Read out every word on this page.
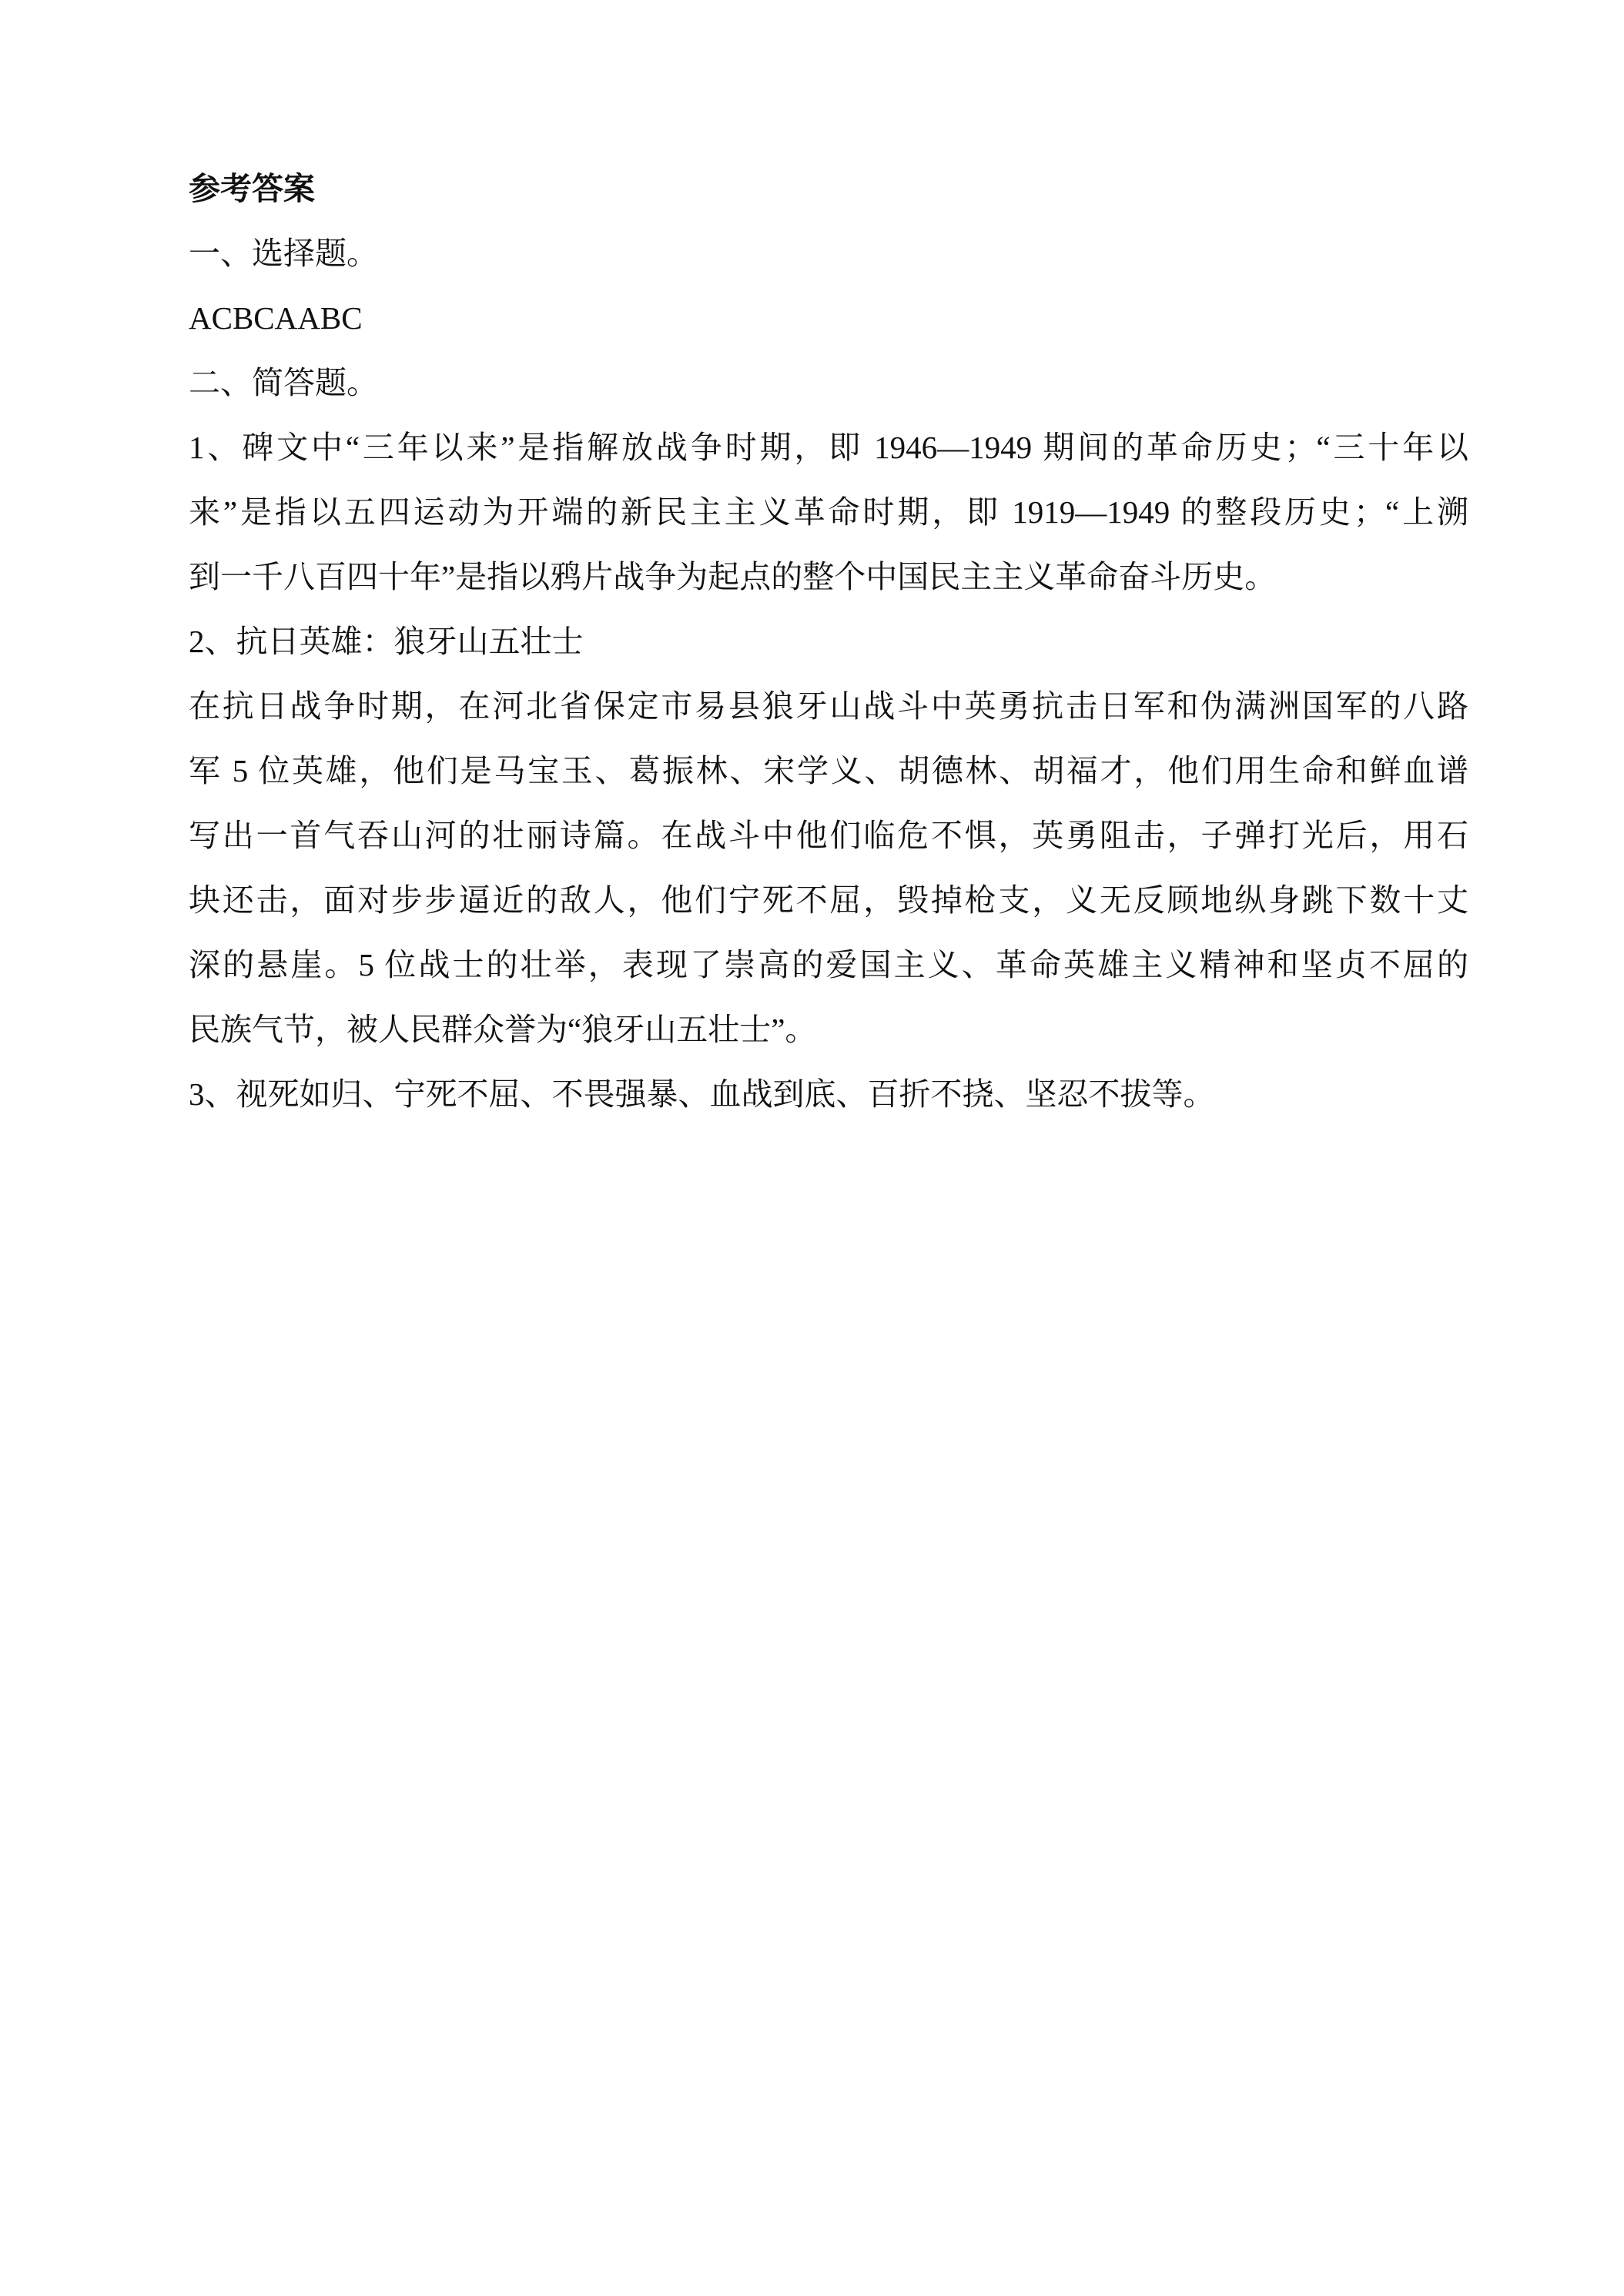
参考答案
一、选择题。
ACBCAABC
二、简答题。
1、碑文中“三年以来”是指解放战争时期，即 1946—1949 期间的革命历史；“三十年以
来”是指以五四运动为开端的新民主主义革命时期，即 1919—1949 的整段历史；“上溯
到一千八百四十年”是指以鸦片战争为起点的整个中国民主主义革命奋斗历史。
2、抗日英雄：狼牙山五壮士
在抗日战争时期，在河北省保定市易县狼牙山战斗中英勇抗击日军和伪满洲国军的八路
军 5 位英雄，他们是马宝玉、葛振林、宋学义、胡德林、胡福才，他们用生命和鲜血谱
写出一首气吞山河的壮丽诗篇。在战斗中他们临危不惧，英勇阻击，子弹打光后，用石
块还击，面对步步逼近的敌人，他们宁死不屈，毁掉枪支，义无反顾地纵身跳下数十丈
深的悬崖。5 位战士的壮举，表现了崇高的爱国主义、革命英雄主义精神和坚贞不屈的
民族气节，被人民群众誉为“狼牙山五壮士”。
3、视死如归、宁死不屈、不畏强暴、血战到底、百折不挠、坚忍不拔等。
